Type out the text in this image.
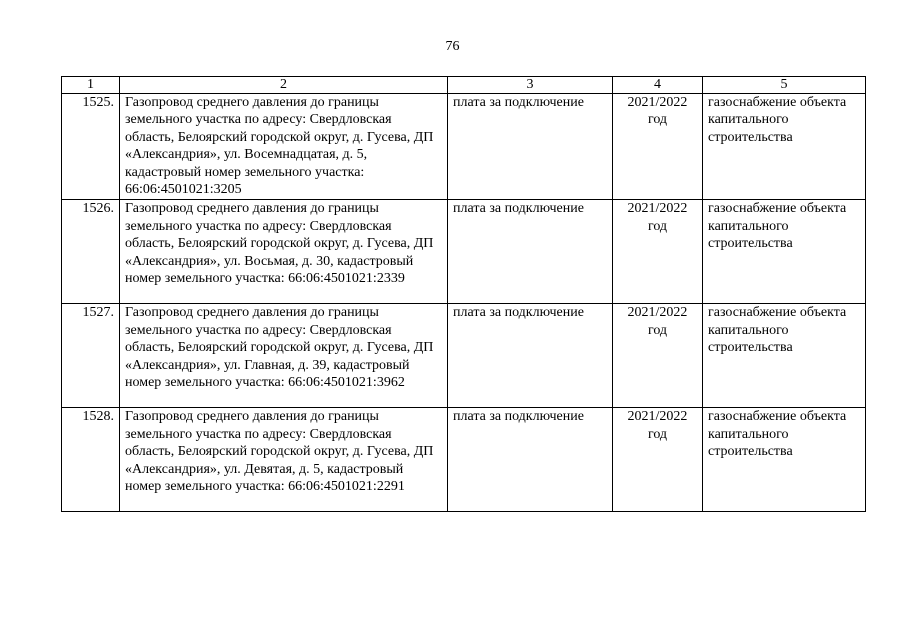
76
1	2	3	4	5
1525.	Газопровод среднего давления до границы земельного участка по адресу: Свердловская область, Белоярский городской округ, д. Гусева, ДП «Александрия», ул. Восемнадцатая, д. 5, кадастровый номер земельного участка: 66:06:4501021:3205	плата за подключение	2021/2022 год	газоснабжение объекта капитального строительства
1526.	Газопровод среднего давления до границы земельного участка по адресу: Свердловская область, Белоярский городской округ, д. Гусева, ДП «Александрия», ул. Восьмая, д. 30, кадастровый номер земельного участка: 66:06:4501021:2339	плата за подключение	2021/2022 год	газоснабжение объекта капитального строительства
1527.	Газопровод среднего давления до границы земельного участка по адресу: Свердловская область, Белоярский городской округ, д. Гусева, ДП «Александрия», ул. Главная, д. 39, кадастровый номер земельного участка: 66:06:4501021:3962	плата за подключение	2021/2022 год	газоснабжение объекта капитального строительства
1528.	Газопровод среднего давления до границы земельного участка по адресу: Свердловская область, Белоярский городской округ, д. Гусева, ДП «Александрия», ул. Девятая, д. 5, кадастровый номер земельного участка: 66:06:4501021:2291	плата за подключение	2021/2022 год	газоснабжение объекта капитального строительства
